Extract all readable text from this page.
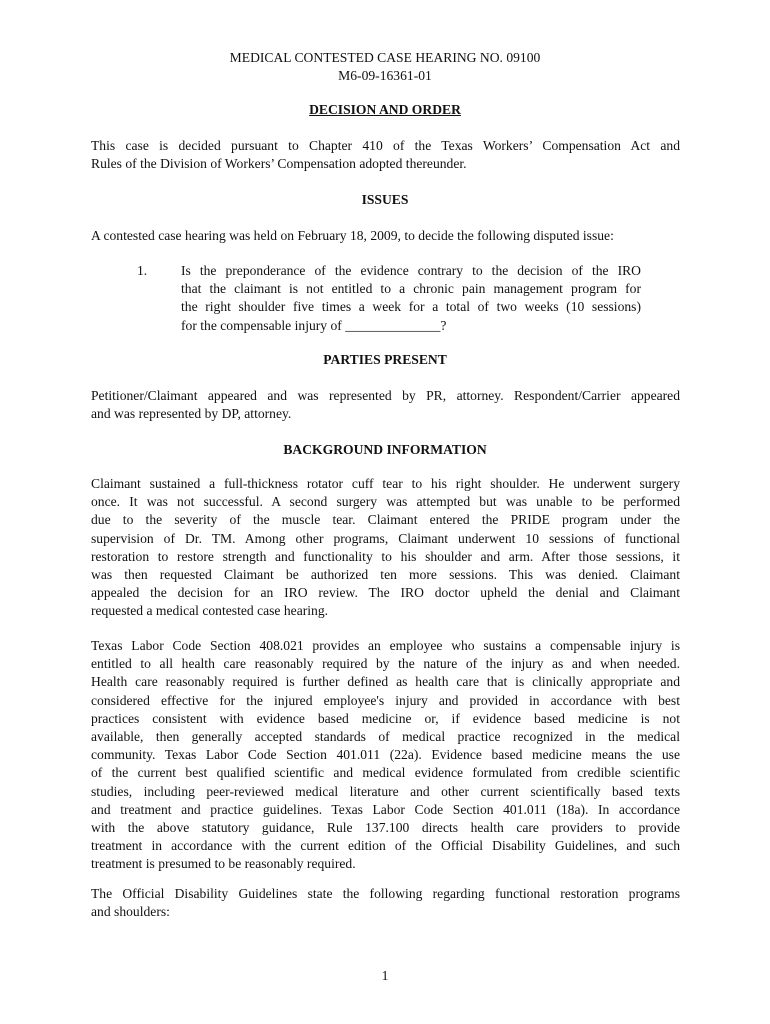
MEDICAL CONTESTED CASE HEARING NO. 09100
M6-09-16361-01
DECISION AND ORDER
This case is decided pursuant to Chapter 410 of the Texas Workers’ Compensation Act and
Rules of the Division of Workers’ Compensation adopted thereunder.
ISSUES
A contested case hearing was held on February 18, 2009, to decide the following disputed issue:
1. Is the preponderance of the evidence contrary to the decision of the IRO
that the claimant is not entitled to a chronic pain management program for
the right shoulder five times a week for a total of two weeks (10 sessions)
for the compensable injury of ______________?
PARTIES PRESENT
Petitioner/Claimant appeared and was represented by PR, attorney. Respondent/Carrier appeared
and was represented by DP, attorney.
BACKGROUND INFORMATION
Claimant sustained a full-thickness rotator cuff tear to his right shoulder. He underwent surgery
once. It was not successful. A second surgery was attempted but was unable to be performed
due to the severity of the muscle tear. Claimant entered the PRIDE program under the
supervision of Dr. TM. Among other programs, Claimant underwent 10 sessions of functional
restoration to restore strength and functionality to his shoulder and arm. After those sessions, it
was then requested Claimant be authorized ten more sessions. This was denied. Claimant
appealed the decision for an IRO review. The IRO doctor upheld the denial and Claimant
requested a medical contested case hearing.
Texas Labor Code Section 408.021 provides an employee who sustains a compensable injury is
entitled to all health care reasonably required by the nature of the injury as and when needed.
Health care reasonably required is further defined as health care that is clinically appropriate and
considered effective for the injured employee's injury and provided in accordance with best
practices consistent with evidence based medicine or, if evidence based medicine is not
available, then generally accepted standards of medical practice recognized in the medical
community. Texas Labor Code Section 401.011 (22a). Evidence based medicine means the use
of the current best qualified scientific and medical evidence formulated from credible scientific
studies, including peer-reviewed medical literature and other current scientifically based texts
and treatment and practice guidelines. Texas Labor Code Section 401.011 (18a). In accordance
with the above statutory guidance, Rule 137.100 directs health care providers to provide
treatment in accordance with the current edition of the Official Disability Guidelines, and such
treatment is presumed to be reasonably required.
The Official Disability Guidelines state the following regarding functional restoration programs
and shoulders:
1
